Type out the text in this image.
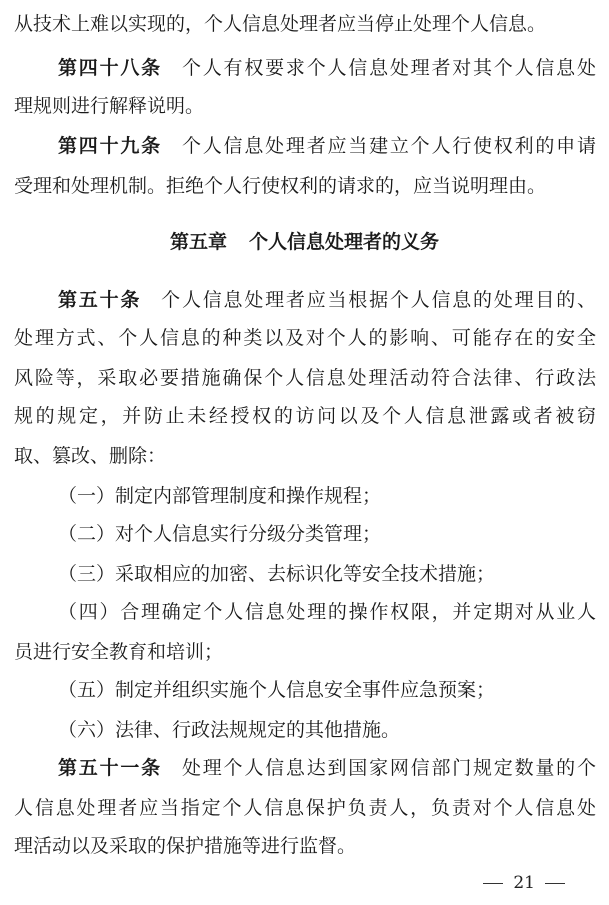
从技术上难以实现的，个人信息处理者应当停止处理个人信息。
第四十八条 个人有权要求个人信息处理者对其个人信息处
理规则进行解释说明。
第四十九条 个人信息处理者应当建立个人行使权利的申请
受理和处理机制。拒绝个人行使权利的请求的，应当说明理由。
第五章 个人信息处理者的义务
第五十条 个人信息处理者应当根据个人信息的处理目的、
处理方式、个人信息的种类以及对个人的影响、可能存在的安全
风险等，采取必要措施确保个人信息处理活动符合法律、行政法
规的规定，并防止未经授权的访问以及个人信息泄露或者被窃
取、篡改、删除：
（一）制定内部管理制度和操作规程；
（二）对个人信息实行分级分类管理；
（三）采取相应的加密、去标识化等安全技术措施；
（四）合理确定个人信息处理的操作权限，并定期对从业人
员进行安全教育和培训；
（五）制定并组织实施个人信息安全事件应急预案；
（六）法律、行政法规规定的其他措施。
第五十一条 处理个人信息达到国家网信部门规定数量的个
人信息处理者应当指定个人信息保护负责人，负责对个人信息处
理活动以及采取的保护措施等进行监督。
21
